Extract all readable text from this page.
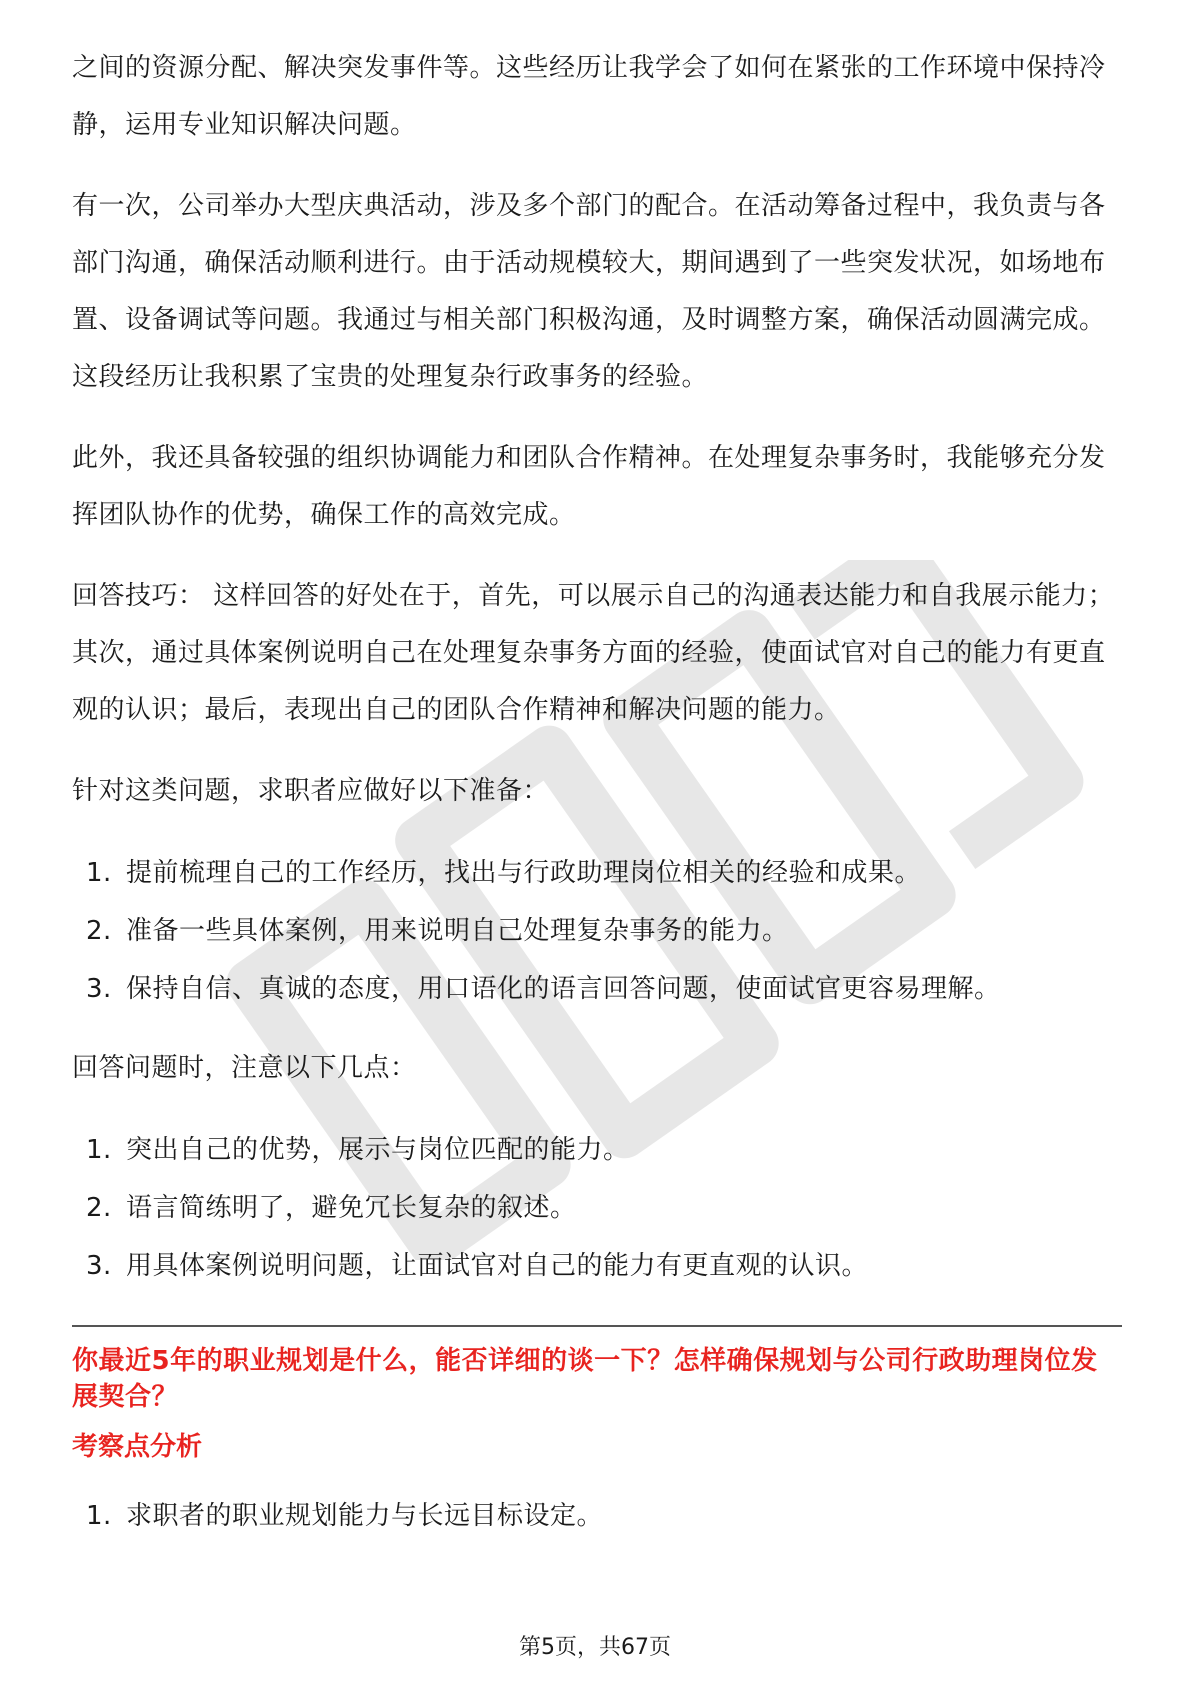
之间的资源分配、解决突发事件等。这些经历让我学会了如何在紧张的工作环境中保持冷静，运用专业知识解决问题。

有一次，公司举办大型庆典活动，涉及多个部门的配合。在活动筹备过程中，我负责与各部门沟通，确保活动顺利进行。由于活动规模较大，期间遇到了一些突发状况，如场地布置、设备调试等问题。我通过与相关部门积极沟通，及时调整方案，确保活动圆满完成。这段经历让我积累了宝贵的处理复杂行政事务的经验。

此外，我还具备较强的组织协调能力和团队合作精神。在处理复杂事务时，我能够充分发挥团队协作的优势，确保工作的高效完成。

回答技巧： 这样回答的好处在于，首先，可以展示自己的沟通表达能力和自我展示能力；其次，通过具体案例说明自己在处理复杂事务方面的经验，使面试官对自己的能力有更直观的认识；最后，表现出自己的团队合作精神和解决问题的能力。

针对这类问题，求职者应做好以下准备：

1. 提前梳理自己的工作经历，找出与行政助理岗位相关的经验和成果。
2. 准备一些具体案例，用来说明自己处理复杂事务的能力。
3. 保持自信、真诚的态度，用口语化的语言回答问题，使面试官更容易理解。

回答问题时，注意以下几点：

1. 突出自己的优势，展示与岗位匹配的能力。
2. 语言简练明了，避免冗长复杂的叙述。
3. 用具体案例说明问题，让面试官对自己的能力有更直观的认识。
你最近5年的职业规划是什么，能否详细的谈一下？怎样确保规划与公司行政助理岗位发展契合？
考察点分析
1. 求职者的职业规划能力与长远目标设定。
第5页，共67页
